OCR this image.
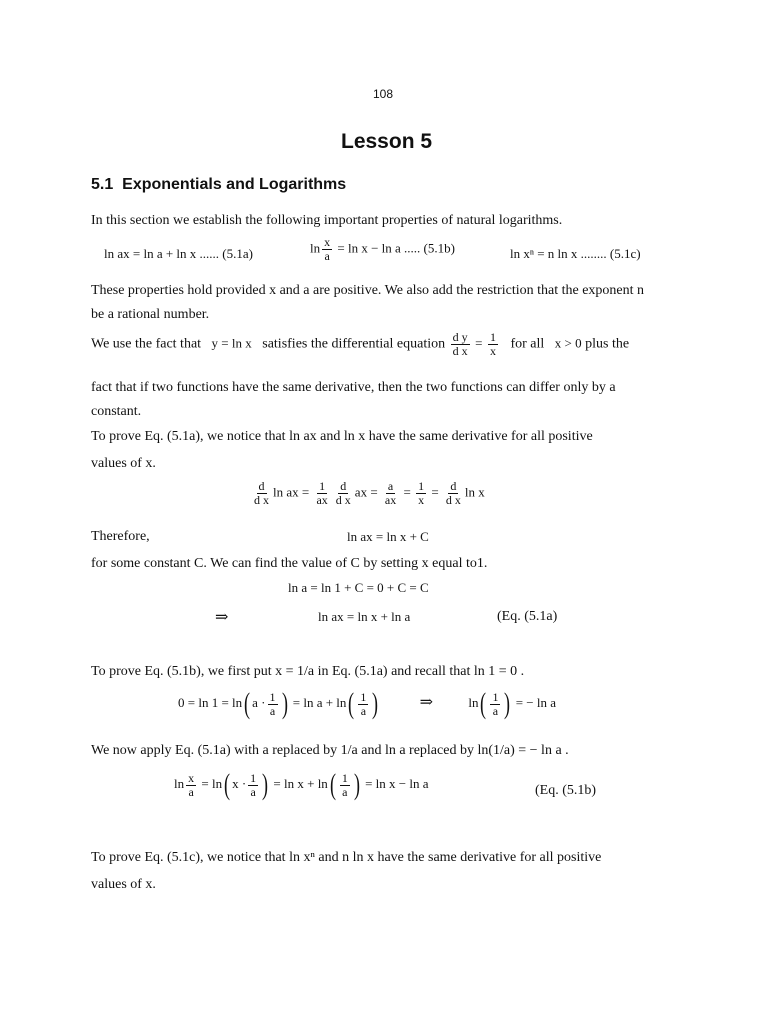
108
Lesson 5
5.1 Exponentials and Logarithms
In this section we establish the following important properties of natural logarithms.
ln ax = ln a + ln x ...... (5.1a)	$\ln \frac{x}{a} = \ln x - \ln a$ ..... (5.1b)	ln xⁿ = n ln x ........ (5.1c)
These properties hold provided x and a are positive. We also add the restriction that the exponent n
be a rational number.
We use the fact that y = ln x satisfies the differential equation $\frac{\text{d y}}{\text{d x}} = \frac{1}{x}$ for all x > 0 plus the
fact that if two functions have the same derivative, then the two functions can differ only by a
constant.
To prove Eq. (5.1a), we notice that ln ax and ln x have the same derivative for all positive
values of x.
$\frac{d}{\text{d x}}$ ln ax = $\frac{1}{ax} \frac{d}{\text{d x}}$ ax = $\frac{a}{ax} = \frac{1}{x} = \frac{d}{\text{d x}}$ ln x
Therefore,	ln ax = ln x + C
for some constant C. We can find the value of C by setting x equal to1.
ln a = ln 1 + C = 0 + C = C
⇒	ln ax = ln x + ln a	(Eq. (5.1a)
To prove Eq. (5.1b), we first put x = 1/a in Eq. (5.1a) and recall that ln 1 = 0 .
0 = ln 1 = ln( $a \cdot \frac{1}{a}$ ) = $\ln a + \ln( \frac{1}{a}$ )	⇒	$\ln( \frac{1}{a}$ ) = − ln a
We now apply Eq. (5.1a) with a replaced by 1/a and ln a replaced by ln(1/a) = − ln a .
$\ln \frac{x}{a} = \ln$( $x \cdot \frac{1}{a}$ ) = $\ln x + \ln( \frac{1}{a}$ ) = ln x − ln a	(Eq. (5.1b)
To prove Eq. (5.1c), we notice that ln xⁿ and n ln x have the same derivative for all positive
values of x.
